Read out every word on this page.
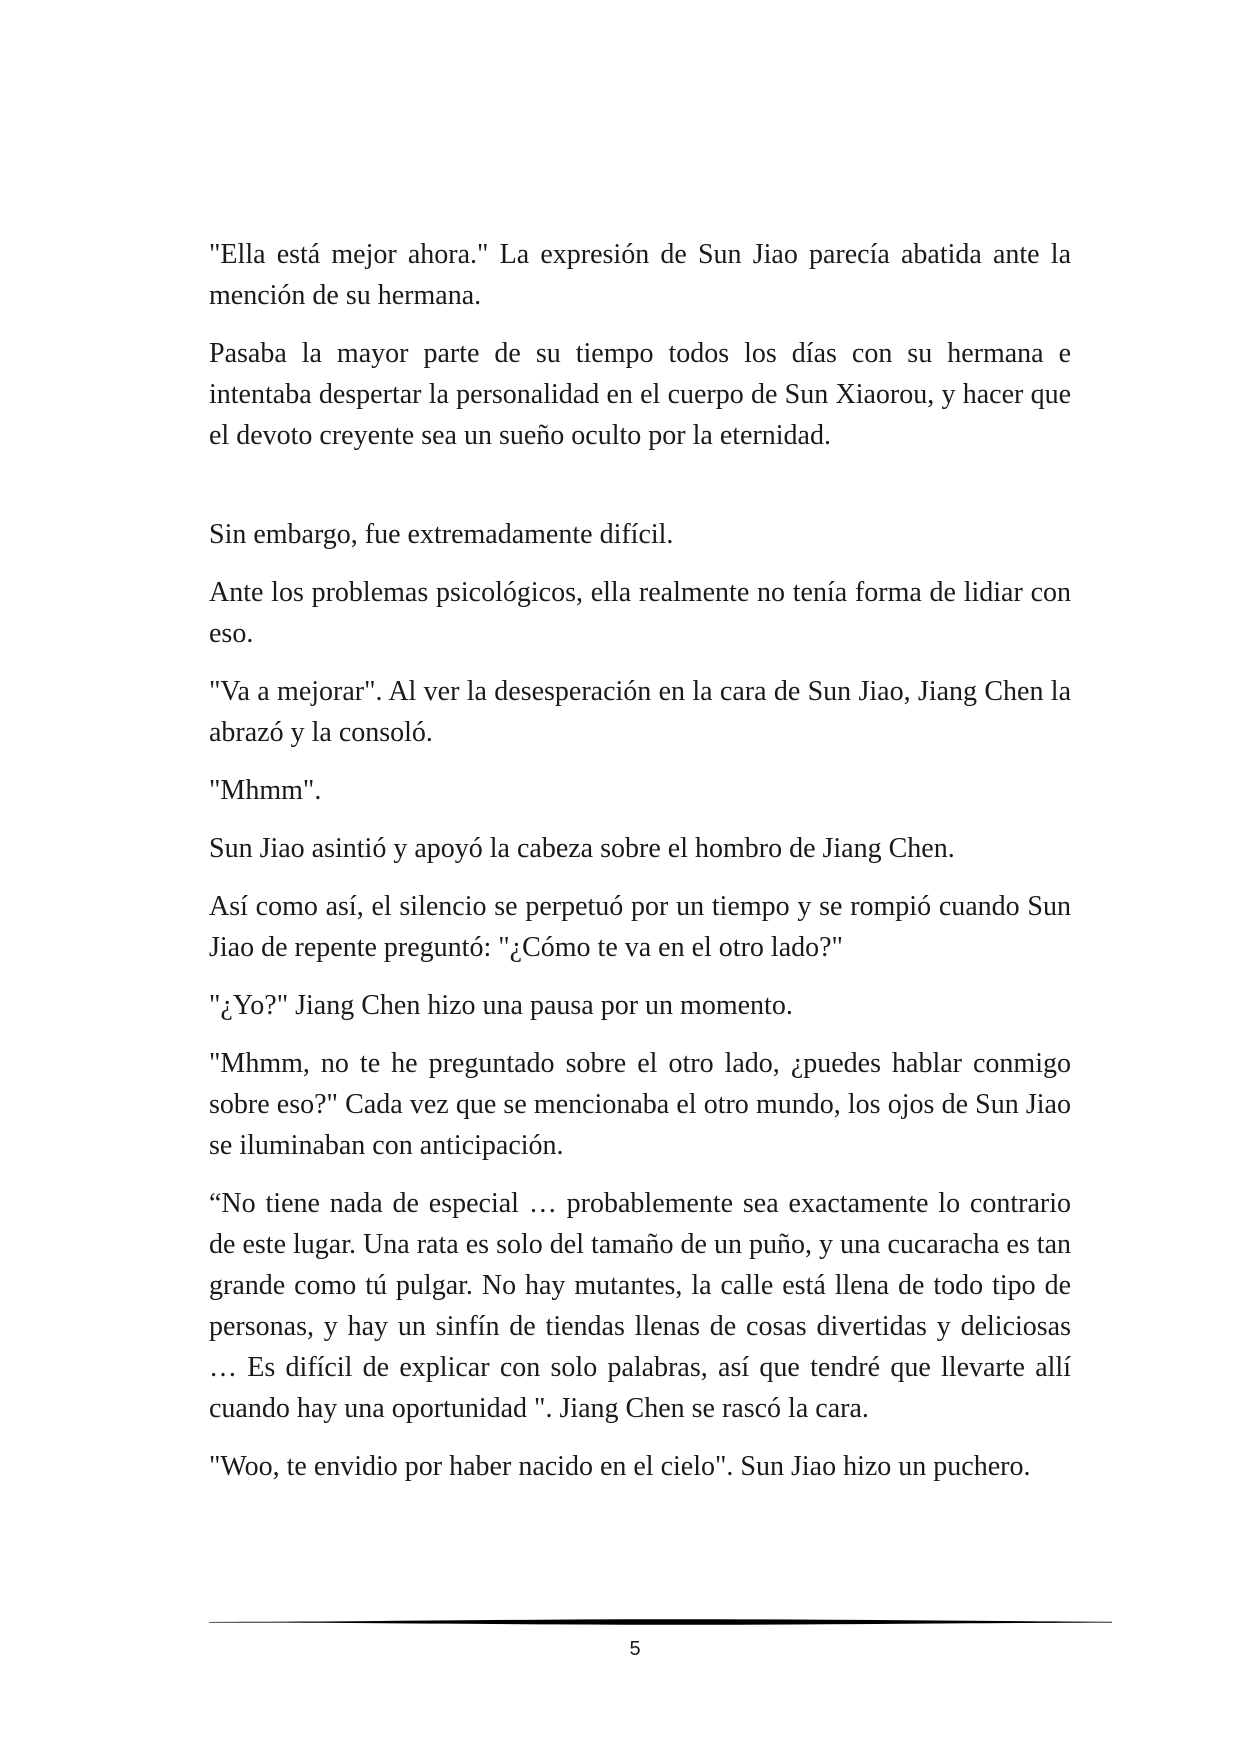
"Ella está mejor ahora." La expresión de Sun Jiao parecía abatida ante la mención de su hermana.

Pasaba la mayor parte de su tiempo todos los días con su hermana e intentaba despertar la personalidad en el cuerpo de Sun Xiaorou, y hacer que el devoto creyente sea un sueño oculto por la eternidad.

Sin embargo, fue extremadamente difícil.

Ante los problemas psicológicos, ella realmente no tenía forma de lidiar con eso.

"Va a mejorar". Al ver la desesperación en la cara de Sun Jiao, Jiang Chen la abrazó y la consoló.

"Mhmm".

Sun Jiao asintió y apoyó la cabeza sobre el hombro de Jiang Chen.

Así como así, el silencio se perpetuó por un tiempo y se rompió cuando Sun Jiao de repente preguntó: "¿Cómo te va en el otro lado?"

"¿Yo?" Jiang Chen hizo una pausa por un momento.

"Mhmm, no te he preguntado sobre el otro lado, ¿puedes hablar conmigo sobre eso?" Cada vez que se mencionaba el otro mundo, los ojos de Sun Jiao se iluminaban con anticipación.

“No tiene nada de especial … probablemente sea exactamente lo contrario de este lugar. Una rata es solo del tamaño de un puño, y una cucaracha es tan grande como tú pulgar. No hay mutantes, la calle está llena de todo tipo de personas, y hay un sinfín de tiendas llenas de cosas divertidas y deliciosas … Es difícil de explicar con solo palabras, así que tendré que llevarte allí cuando hay una oportunidad ". Jiang Chen se rascó la cara.

"Woo, te envidio por haber nacido en el cielo". Sun Jiao hizo un puchero.

5
